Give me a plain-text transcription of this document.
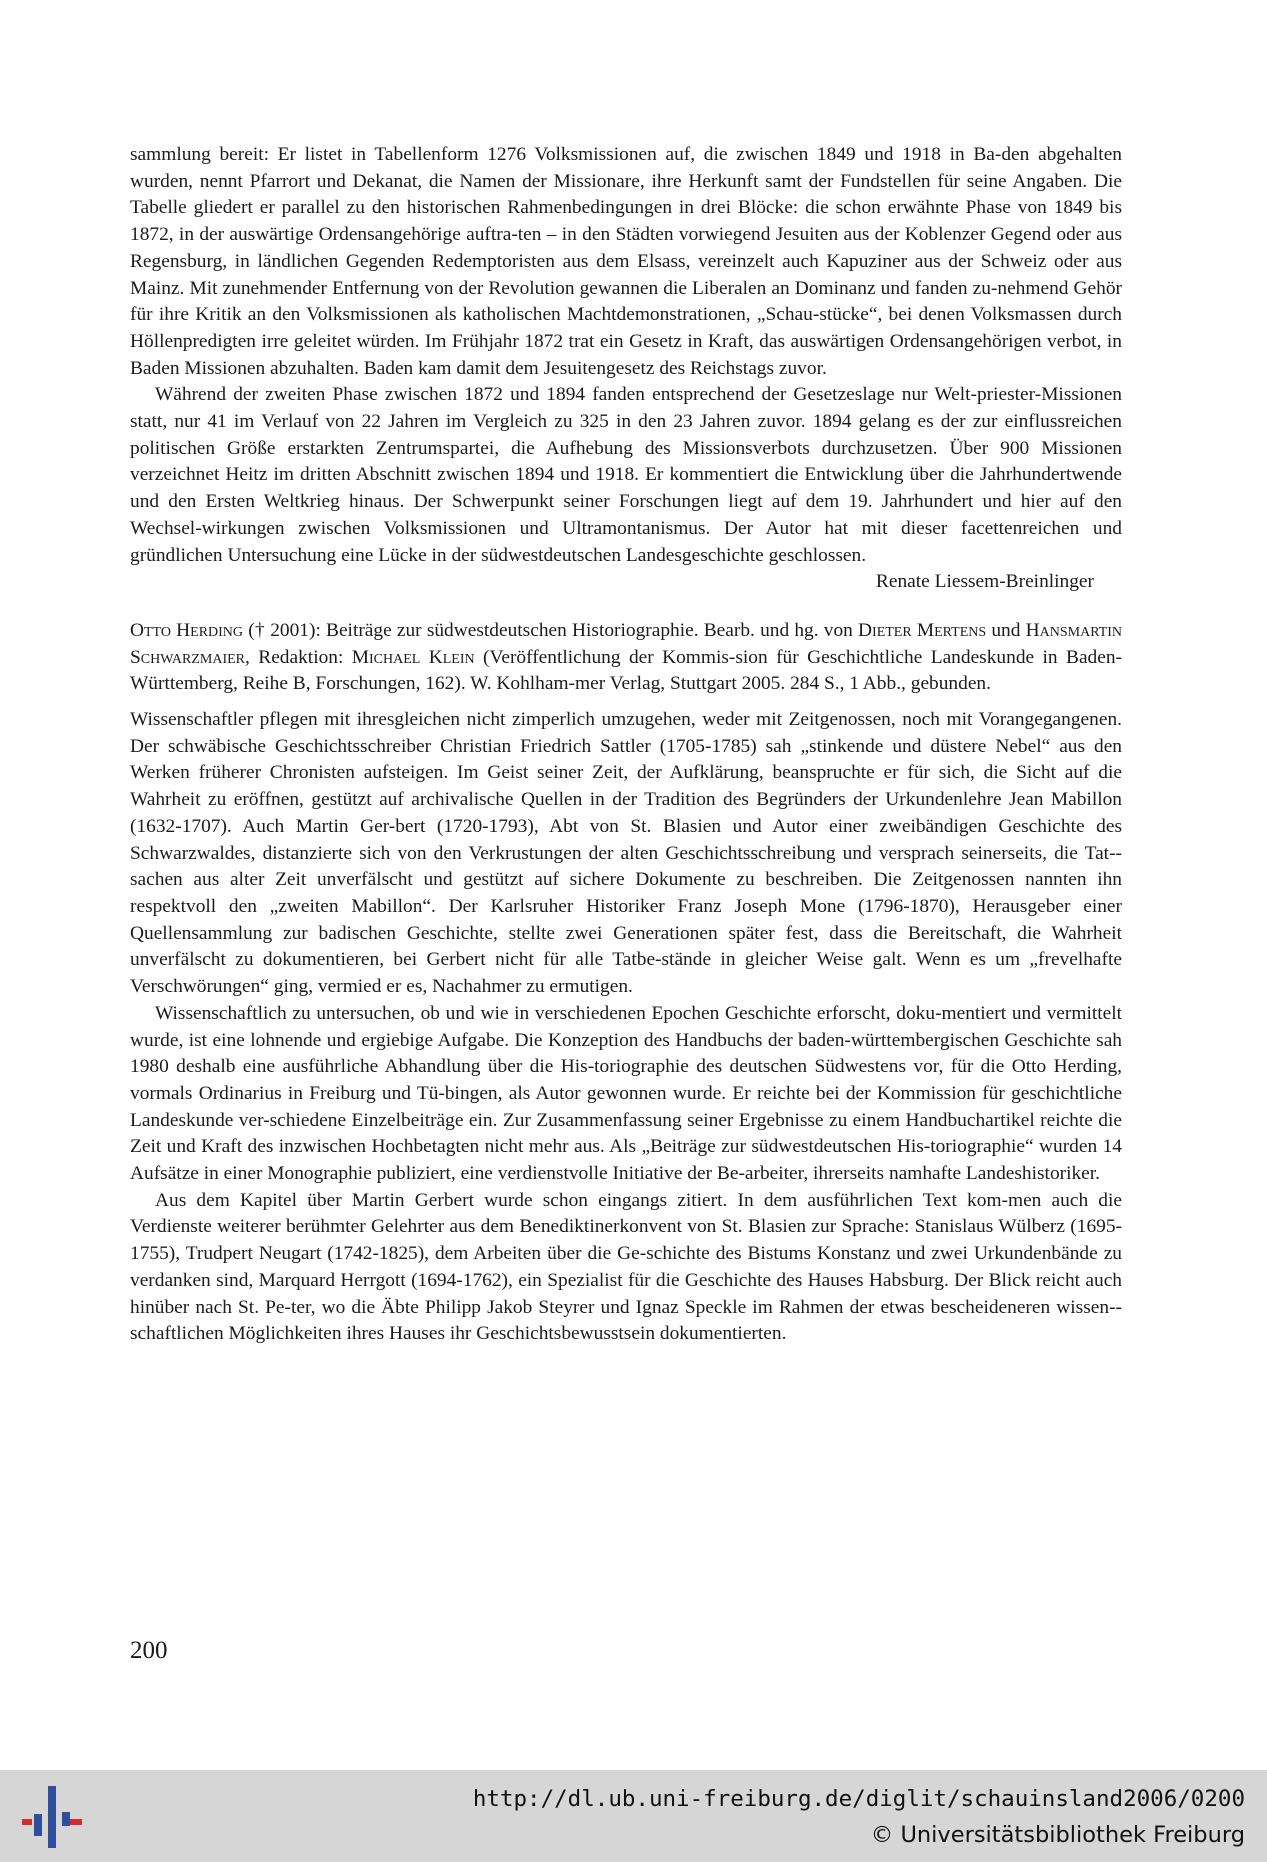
sammlung bereit: Er listet in Tabellenform 1276 Volksmissionen auf, die zwischen 1849 und 1918 in Ba-den abgehalten wurden, nennt Pfarrort und Dekanat, die Namen der Missionare, ihre Herkunft samt der Fundstellen für seine Angaben. Die Tabelle gliedert er parallel zu den historischen Rahmenbedingungen in drei Blöcke: die schon erwähnte Phase von 1849 bis 1872, in der auswärtige Ordensangehörige auftra-ten – in den Städten vorwiegend Jesuiten aus der Koblenzer Gegend oder aus Regensburg, in ländlichen Gegenden Redemptoristen aus dem Elsass, vereinzelt auch Kapuziner aus der Schweiz oder aus Mainz. Mit zunehmender Entfernung von der Revolution gewannen die Liberalen an Dominanz und fanden zu-nehmend Gehör für ihre Kritik an den Volksmissionen als katholischen Machtdemonstrationen, „Schau-stücke“, bei denen Volksmassen durch Höllenpredigten irre geleitet würden. Im Frühjahr 1872 trat ein Gesetz in Kraft, das auswärtigen Ordensangehörigen verbot, in Baden Missionen abzuhalten. Baden kam damit dem Jesuitengesetz des Reichstags zuvor.

Während der zweiten Phase zwischen 1872 und 1894 fanden entsprechend der Gesetzeslage nur Welt-priester-Missionen statt, nur 41 im Verlauf von 22 Jahren im Vergleich zu 325 in den 23 Jahren zuvor. 1894 gelang es der zur einflussreichen politischen Größe erstarkten Zentrumspartei, die Aufhebung des Missionsverbots durchzusetzen. Über 900 Missionen verzeichnet Heitz im dritten Abschnitt zwischen 1894 und 1918. Er kommentiert die Entwicklung über die Jahrhundertwende und den Ersten Weltkrieg hinaus. Der Schwerpunkt seiner Forschungen liegt auf dem 19. Jahrhundert und hier auf den Wechsel-wirkungen zwischen Volksmissionen und Ultramontanismus. Der Autor hat mit dieser facettenreichen und gründlichen Untersuchung eine Lücke in der südwestdeutschen Landesgeschichte geschlossen.

Renate Liessem-Breinlinger

Otto Herding († 2001): Beiträge zur südwestdeutschen Historiographie. Bearb. und hg. von Dieter Mertens und Hansmartin Schwarzmaier, Redaktion: Michael Klein (Veröffentlichung der Kommis-sion für Geschichtliche Landeskunde in Baden-Württemberg, Reihe B, Forschungen, 162). W. Kohlham-mer Verlag, Stuttgart 2005. 284 S., 1 Abb., gebunden.

Wissenschaftler pflegen mit ihresgleichen nicht zimperlich umzugehen, weder mit Zeitgenossen, noch mit Vorangegangenen. Der schwäbische Geschichtsschreiber Christian Friedrich Sattler (1705-1785) sah „stinkende und düstere Nebel“ aus den Werken früherer Chronisten aufsteigen. Im Geist seiner Zeit, der Aufklärung, beanspruchte er für sich, die Sicht auf die Wahrheit zu eröffnen, gestützt auf archivalische Quellen in der Tradition des Begründers der Urkundenlehre Jean Mabillon (1632-1707). Auch Martin Ger-bert (1720-1793), Abt von St. Blasien und Autor einer zweibändigen Geschichte des Schwarzwaldes, distanzierte sich von den Verkrustungen der alten Geschichtsschreibung und versprach seinerseits, die Tat-sachen aus alter Zeit unverfälscht und gestützt auf sichere Dokumente zu beschreiben. Die Zeitgenossen nannten ihn respektvoll den „zweiten Mabillon“. Der Karlsruher Historiker Franz Joseph Mone (1796-1870), Herausgeber einer Quellensammlung zur badischen Geschichte, stellte zwei Generationen später fest, dass die Bereitschaft, die Wahrheit unverfälscht zu dokumentieren, bei Gerbert nicht für alle Tatbe-stände in gleicher Weise galt. Wenn es um „frevelhafte Verschwörungen“ ging, vermied er es, Nachahmer zu ermutigen.

Wissenschaftlich zu untersuchen, ob und wie in verschiedenen Epochen Geschichte erforscht, doku-mentiert und vermittelt wurde, ist eine lohnende und ergiebige Aufgabe. Die Konzeption des Handbuchs der baden-württembergischen Geschichte sah 1980 deshalb eine ausführliche Abhandlung über die His-toriographie des deutschen Südwestens vor, für die Otto Herding, vormals Ordinarius in Freiburg und Tü-bingen, als Autor gewonnen wurde. Er reichte bei der Kommission für geschichtliche Landeskunde ver-schiedene Einzelbeiträge ein. Zur Zusammenfassung seiner Ergebnisse zu einem Handbuchartikel reichte die Zeit und Kraft des inzwischen Hochbetagten nicht mehr aus. Als „Beiträge zur südwestdeutschen His-toriographie“ wurden 14 Aufsätze in einer Monographie publiziert, eine verdienstvolle Initiative der Be-arbeiter, ihrerseits namhafte Landeshistoriker.

Aus dem Kapitel über Martin Gerbert wurde schon eingangs zitiert. In dem ausführlichen Text kom-men auch die Verdienste weiterer berühmter Gelehrter aus dem Benediktinerkonvent von St. Blasien zur Sprache: Stanislaus Wülberz (1695-1755), Trudpert Neugart (1742-1825), dem Arbeiten über die Ge-schichte des Bistums Konstanz und zwei Urkundenbände zu verdanken sind, Marquard Herrgott (1694-1762), ein Spezialist für die Geschichte des Hauses Habsburg. Der Blick reicht auch hinüber nach St. Pe-ter, wo die Äbte Philipp Jakob Steyrer und Ignaz Speckle im Rahmen der etwas bescheideneren wissen-schaftlichen Möglichkeiten ihres Hauses ihr Geschichtsbewusstsein dokumentierten.

200
http://dl.ub.uni-freiburg.de/diglit/schauinsland2006/0200
© Universitätsbibliothek Freiburg
